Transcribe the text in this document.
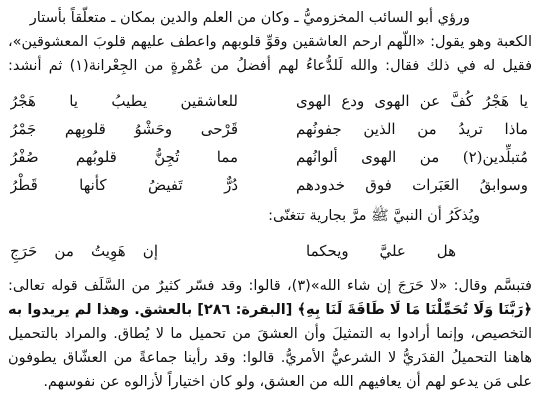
ورؤي أبو السائب المخزوميُّ ـ وكان من العلم والدين بمكان ـ متعلّقاً بأستار
الكعبة وهو يقول: «اللّهم ارحم العاشقين وقوِّ قلوبهم واعطف عليهم قلوبَ المعشوقين»،
فقيل له في ذلك فقال: والله لَلدُّعاءُ لهم أفضلُ من عُمْرةٍ من الجِعْرانة(١) ثم أنشد:
يا هَجْرُ كُفَّ عن الهوى ودع الهوى
للعاشقين يطيبُ يا هَجْرُ
ماذا تريدُ من الذين جفونُهم
قَرْحى وحَشْوُ قلوبِهم جَمْرُ
مُتبلِّدين(٢) من الهوى ألوانُهم
مما تُجِنُّ قلوبُهم صُفْرُ
وسوابقُ العَبَرات فوق خدودهم
دُرٌّ تَفيضُ كأنها قَطْرُ
ويُذكَرُ أن النبيَّ ﷺ مرَّ بجارية تتغنّى:
هل عليَّ ويحكما
إن هَوِيتُ من حَرَجِ
فتبسَّم وقال: «لا حَرَجَ إن شاء الله»(٣)، قالوا: وقد فسّر كثيرٌ من السَّلَف قوله تعالى:
﴿رَبَّنَا وَلَا تُحَمِّلْنَا مَا لَا طَاقَةَ لَنَا بِهِ﴾ [البقرة: ٢٨٦] بالعشق. وهذا لم يريدوا به
التخصيص، وإنما أرادوا به التمثيلَ وأن العشقَ من تحميل ما لا يُطاق. والمراد بالتحميل
هاهنا التحميلُ القدَريُّ لا الشرعيُّ الأمريُّ. قالوا: وقد رأينا جماعةً من العشّاق يطوفون
على مَن يدعو لهم أن يعافيهم الله من العشق، ولو كان اختياراً لأزالوه عن نفوسهم.
